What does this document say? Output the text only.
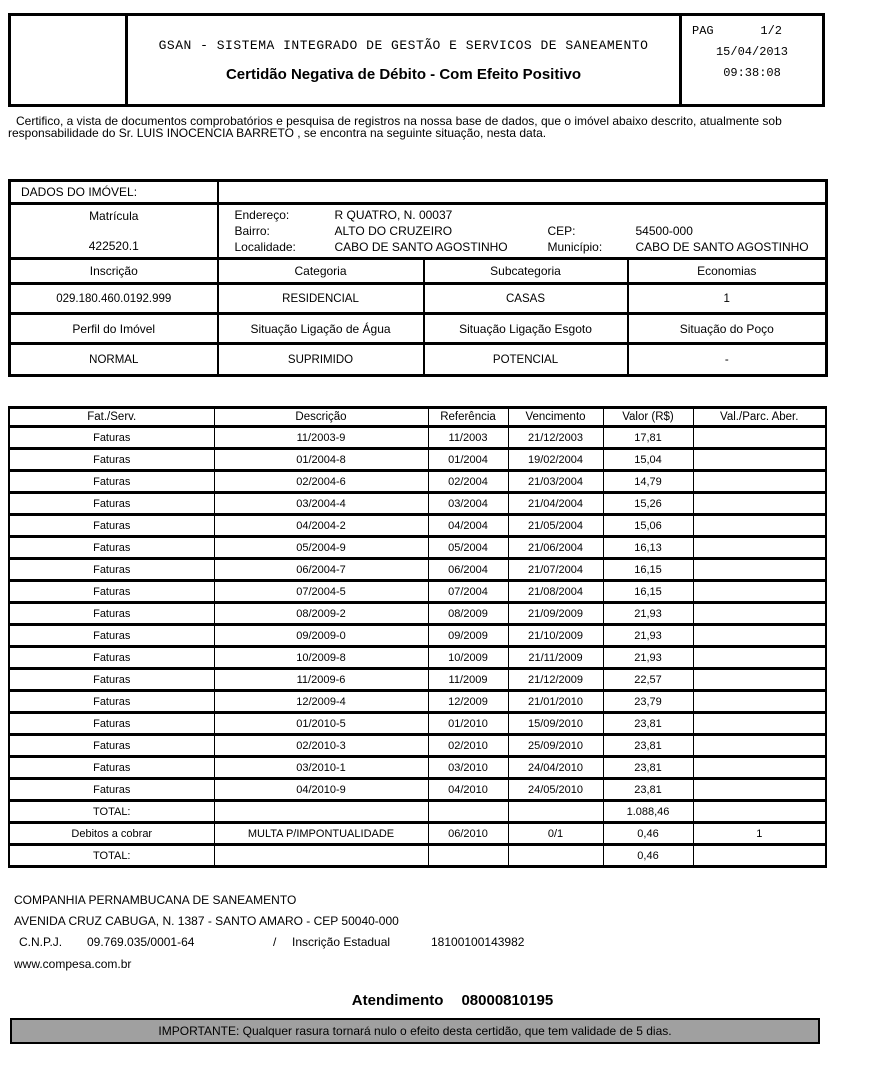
GSAN - SISTEMA INTEGRADO DE GESTÃO E SERVICOS DE SANEAMENTO
Certidão Negativa de Débito - Com Efeito Positivo
PAG	1/2
15/04/2013
09:38:08
Certifico, a vista de documentos comprobatórios e pesquisa de registros na nossa base de dados, que o imóvel abaixo descrito, atualmente sob responsabilidade do Sr. LUIS INOCENCIA BARRETO , se encontra na seguinte situação, nesta data.
DADOS DO IMÓVEL:			

Matrícula
422520.1

Endereço:	R QUATRO, N. 00037
Bairro:	ALTO DO CRUZEIRO	CEP:	54500-000
Localidade:	CABO DE SANTO AGOSTINHO	Município:	CABO DE SANTO AGOSTINHO

Inscrição	Categoria	Subcategoria	Economias
029.180.460.0192.999	RESIDENCIAL	CASAS	1
Perfil do Imóvel	Situação Ligação de Água	Situação Ligação Esgoto	Situação do Poço
NORMAL	SUPRIMIDO	POTENCIAL	-
Fat./Serv.	Descrição	Referência	Vencimento	Valor (R$)	Val./Parc. Aber.
Faturas	11/2003-9	11/2003	21/12/2003	17,81	
Faturas	01/2004-8	01/2004	19/02/2004	15,04	
Faturas	02/2004-6	02/2004	21/03/2004	14,79	
Faturas	03/2004-4	03/2004	21/04/2004	15,26	
Faturas	04/2004-2	04/2004	21/05/2004	15,06	
Faturas	05/2004-9	05/2004	21/06/2004	16,13	
Faturas	06/2004-7	06/2004	21/07/2004	16,15	
Faturas	07/2004-5	07/2004	21/08/2004	16,15	
Faturas	08/2009-2	08/2009	21/09/2009	21,93	
Faturas	09/2009-0	09/2009	21/10/2009	21,93	
Faturas	10/2009-8	10/2009	21/11/2009	21,93	
Faturas	11/2009-6	11/2009	21/12/2009	22,57	
Faturas	12/2009-4	12/2009	21/01/2010	23,79	
Faturas	01/2010-5	01/2010	15/09/2010	23,81	
Faturas	02/2010-3	02/2010	25/09/2010	23,81	
Faturas	03/2010-1	03/2010	24/04/2010	23,81	
Faturas	04/2010-9	04/2010	24/05/2010	23,81	
TOTAL:				1.088,46	
Debitos a cobrar	MULTA P/IMPONTUALIDADE	06/2010	0/1	0,46	1
TOTAL:				0,46	
COMPANHIA PERNAMBUCANA DE SANEAMENTO
AVENIDA CRUZ CABUGA, N. 1387 - SANTO AMARO - CEP 50040-000
C.N.P.J. 09.769.035/0001-64	/ Inscrição Estadual	18100100143982
www.compesa.com.br
Atendimento 08000810195
IMPORTANTE: Qualquer rasura tornará nulo o efeito desta certidão, que tem validade de 5 dias.
